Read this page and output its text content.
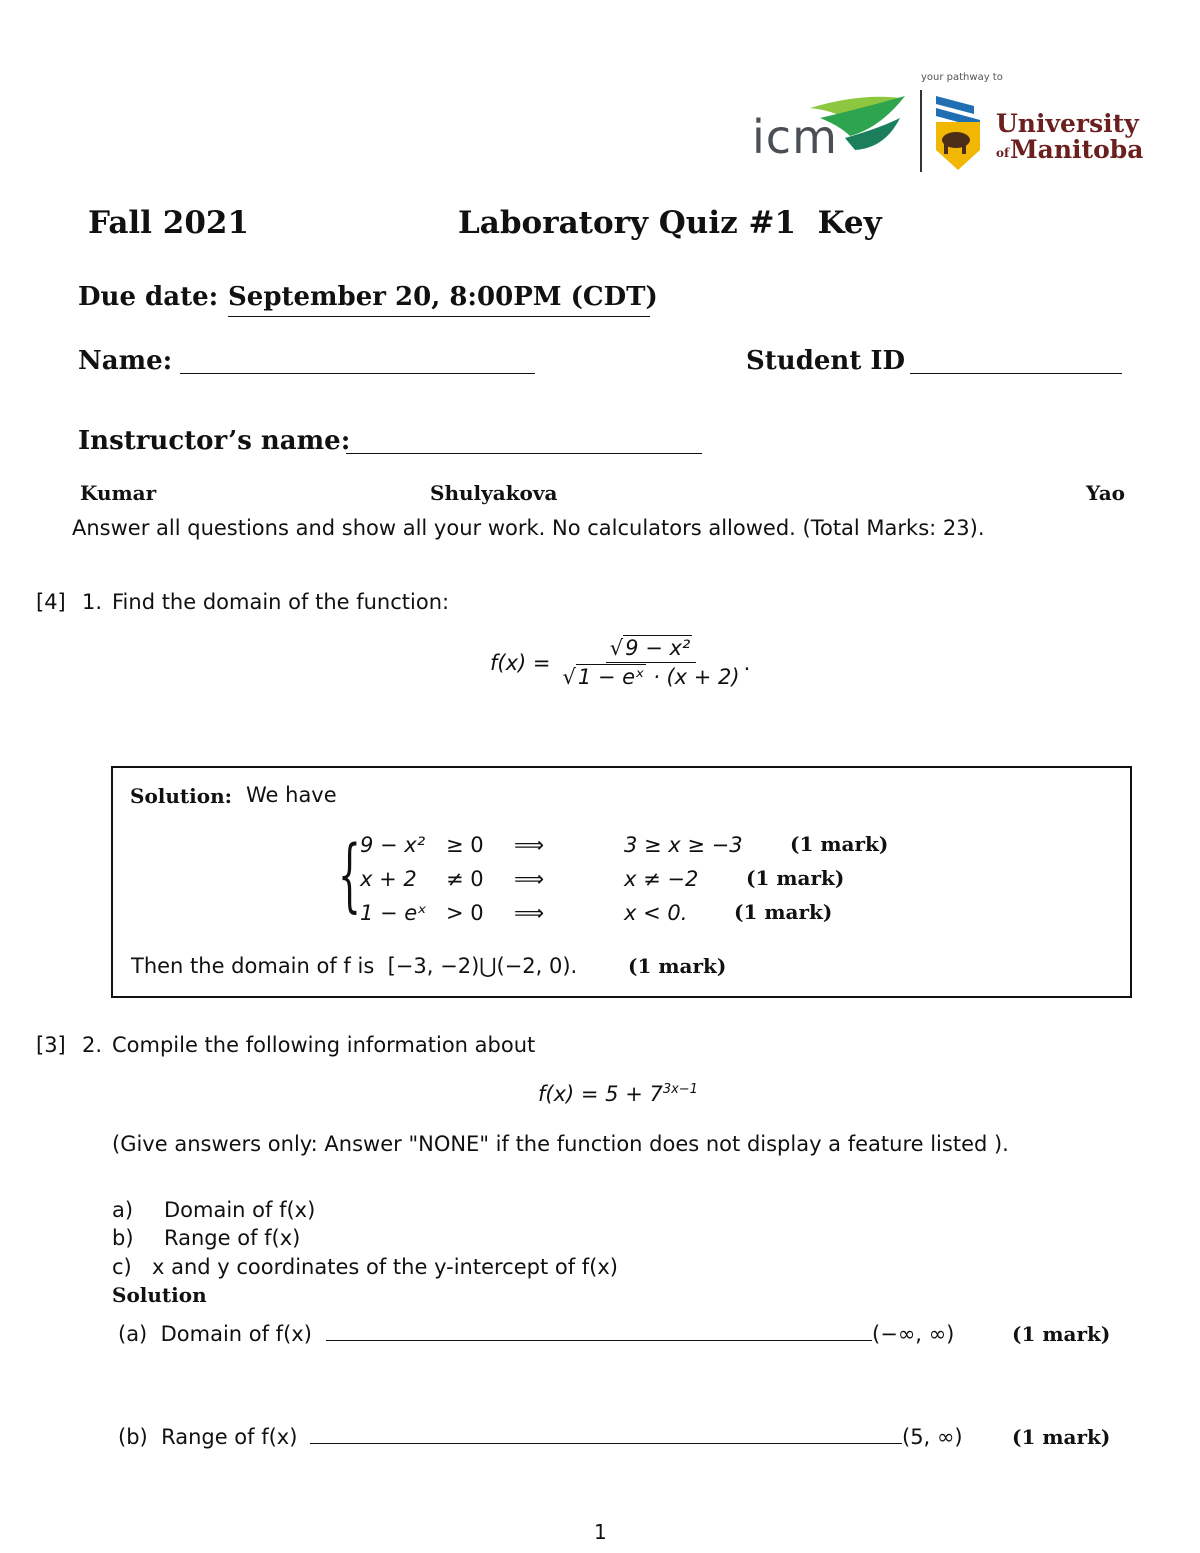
icm
your pathway to
University
of Manitoba
Fall 2021	Laboratory Quiz #1  Key
Due date: September 20, 8:00PM (CDT)
Name:	Student ID
Instructor’s name:
Kumar	Shulyakova	Yao
Answer all questions and show all your work. No calculators allowed. (Total Marks: 23).
[4] 1. Find the domain of the function:
$f(x) = \frac{\text{√9 − x²}}{\text{√1 − eˣ · (x + 2)}}$ .
Solution: We have
{ 9 − x² ≥ 0 ⟹	3 ≥ x ≥ −3 (1 mark)
x + 2 ≠ 0 ⟹	x ≠ −2 (1 mark)
1 − eˣ > 0 ⟹	x < 0. (1 mark)
Then the domain of f is  [−3, −2)⋃(−2, 0).	(1 mark)
[3] 2. Compile the following information about
$f(x) = 5 + 7^{3x-1}$
(Give answers only: Answer "NONE" if the function does not display a feature listed ).
a) Domain of f(x)
b) Range of f(x)
c) x and y coordinates of the y-intercept of f(x)
Solution
(a)  Domain of f(x)	(−∞, ∞)	(1 mark)
(b)  Range of f(x)	(5, ∞) (1 mark)
1
